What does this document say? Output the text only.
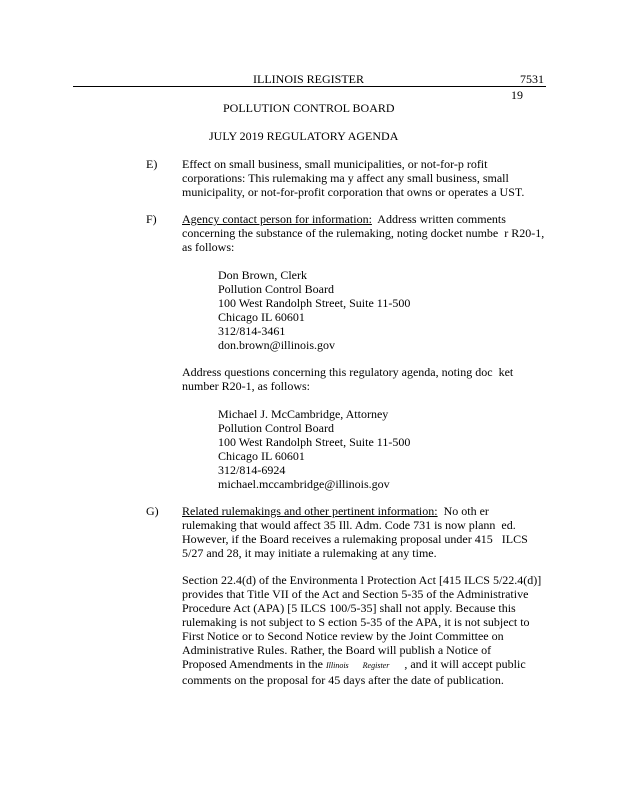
ILLINOIS REGISTER	7531
19
POLLUTION CONTROL BOARD
JULY 2019 REGULATORY AGENDA
E) Effect on small business, small municipalities, or not-for-p rofit
corporations: This rulemaking ma y affect any small business, small
municipality, or not-for-profit corporation that owns or operates a UST.
F) Agency contact person for information:  Address written comments
concerning the substance of the rulemaking, noting docket numbe  r R20-1,
as follows:
Don Brown, Clerk
Pollution Control Board
100 West Randolph Street, Suite 11-500
Chicago IL 60601
312/814-3461
don.brown@illinois.gov
Address questions concerning this regulatory agenda, noting doc  ket
number R20-1, as follows:
Michael J. McCambridge, Attorney
Pollution Control Board
100 West Randolph Street, Suite 11-500
Chicago IL 60601
312/814-6924
michael.mccambridge@illinois.gov
G) Related rulemakings and other pertinent information:  No oth er
rulemaking that would affect 35 Ill. Adm. Code 731 is now plann  ed.
However, if the Board receives a rulemaking proposal under 415   ILCS
5/27 and 28, it may initiate a rulemaking at any time.
Section 22.4(d) of the Environmenta l Protection Act [415 ILCS 5/22.4(d)]
provides that Title VII of the Act and Section 5-35 of the Administrative
Procedure Act (APA) [5 ILCS 100/5-35] shall not apply. Because this
rulemaking is not subject to S ection 5-35 of the APA, it is not subject to
First Notice or to Second Notice review by the Joint Committee on
Administrative Rules. Rather, the Board will publish a Notice of
Proposed Amendments in the Illinois Register     , and it will accept public
comments on the proposal for 45 days after the date of publication.
